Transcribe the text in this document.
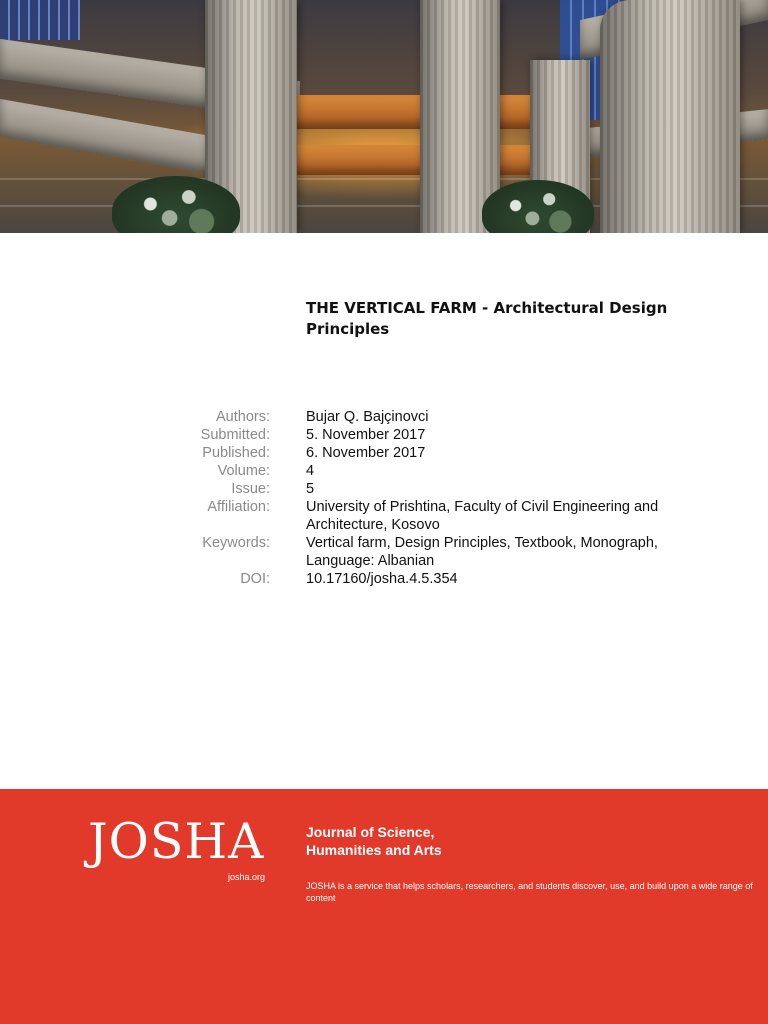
THE VERTICAL FARM - Architectural Design Principles
Authors: Bujar Q. Bajçinovci
Submitted: 5. November 2017
Published: 6. November 2017
Volume: 4
Issue: 5
Affiliation: University of Prishtina, Faculty of Civil Engineering and Architecture, Kosovo
Keywords: Vertical farm, Design Principles, Textbook, Monograph, Language: Albanian
DOI: 10.17160/josha.4.5.354
JOSHA
josha.org
Journal of Science,
Humanities and Arts
JOSHA is a service that helps scholars, researchers, and students discover, use, and build upon a wide range of content
